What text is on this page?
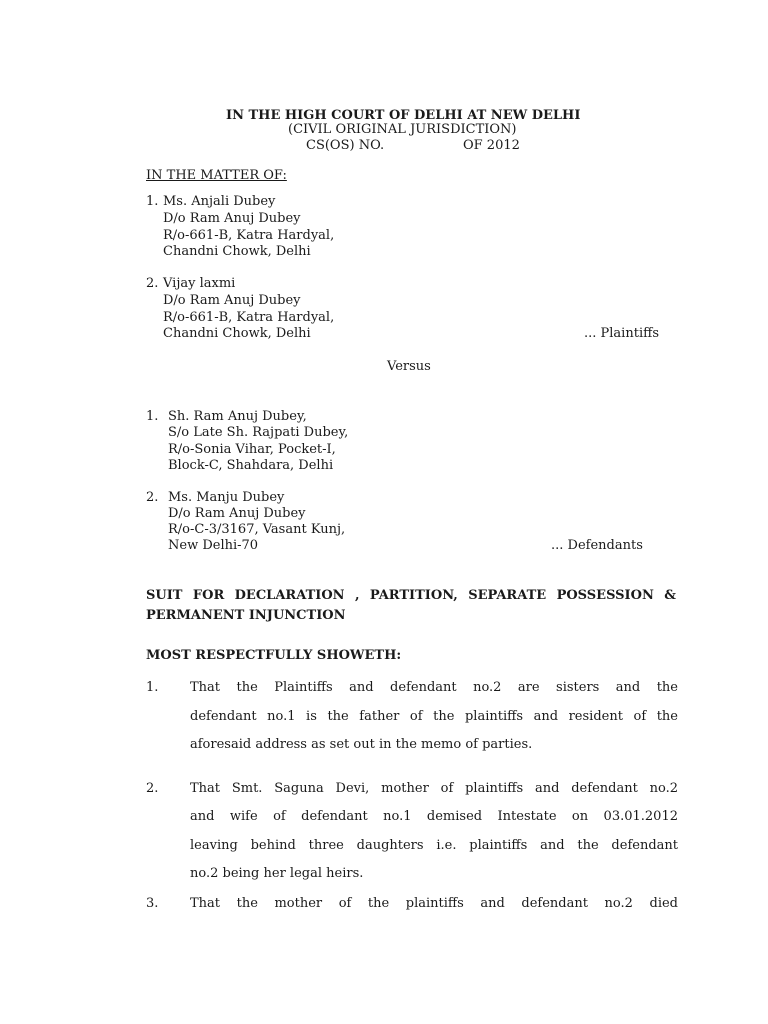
IN THE HIGH COURT OF DELHI AT NEW DELHI
(CIVIL ORIGINAL JURISDICTION)
CS(OS) NO.	OF 2012
IN THE MATTER OF:
1. Ms. Anjali Dubey
D/o Ram Anuj Dubey
R/o-661-B, Katra Hardyal,
Chandni Chowk, Delhi
2. Vijay laxmi
D/o Ram Anuj Dubey
R/o-661-B, Katra Hardyal,
Chandni Chowk, Delhi	... Plaintiffs
Versus
1. Sh. Ram Anuj Dubey,
S/o Late Sh. Rajpati Dubey,
R/o-Sonia Vihar, Pocket-I,
Block-C, Shahdara, Delhi
2. Ms. Manju Dubey
D/o Ram Anuj Dubey
R/o-C-3/3167, Vasant Kunj,
New Delhi-70	... Defendants
SUIT FOR DECLARATION , PARTITION, SEPARATE POSSESSION &
PERMANENT INJUNCTION
MOST RESPECTFULLY SHOWETH:
1. That the Plaintiffs and defendant no.2 are sisters and the
defendant no.1 is the father of the plaintiffs and resident of the
aforesaid address as set out in the memo of parties.
2. That Smt. Saguna Devi, mother of plaintiffs and defendant no.2
and wife of defendant no.1 demised Intestate on 03.01.2012
leaving behind three daughters i.e. plaintiffs and the defendant
no.2 being her legal heirs.
3. That the mother of the plaintiffs and defendant no.2 died
